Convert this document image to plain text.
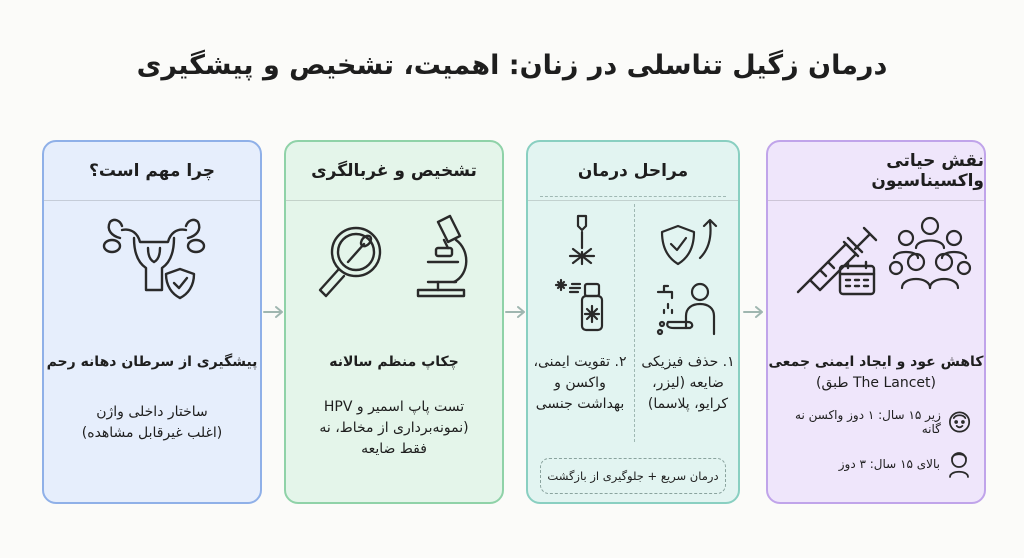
درمان زگیل تناسلی در زنان: اهمیت، تشخیص و پیشگیری
چرا مهم است؟
پیشگیری از سرطان دهانه رحم
ساختار داخلی واژن
(اغلب غیرقابل مشاهده)
تشخیص و غربالگری
چکاپ منظم سالانه
تست پاپ اسمیر و HPV
(نمونه‌برداری از مخاط، نه
فقط ضایعه
مراحل درمان
۱. حذف فیزیکی
ضایعه (لیزر،
کرایو، پلاسما)
۲. تقویت ایمنی،
واکسن و
بهداشت جنسی
درمان سریع + جلوگیری از بازگشت
نقش حیاتی واکسیناسیون
کاهش عود و ایجاد ایمنی جمعی
(The Lancet طبق)
زیر ۱۵ سال: ۱ دوز واکسن نه گانه
بالای ۱۵ سال: ۳ دوز
